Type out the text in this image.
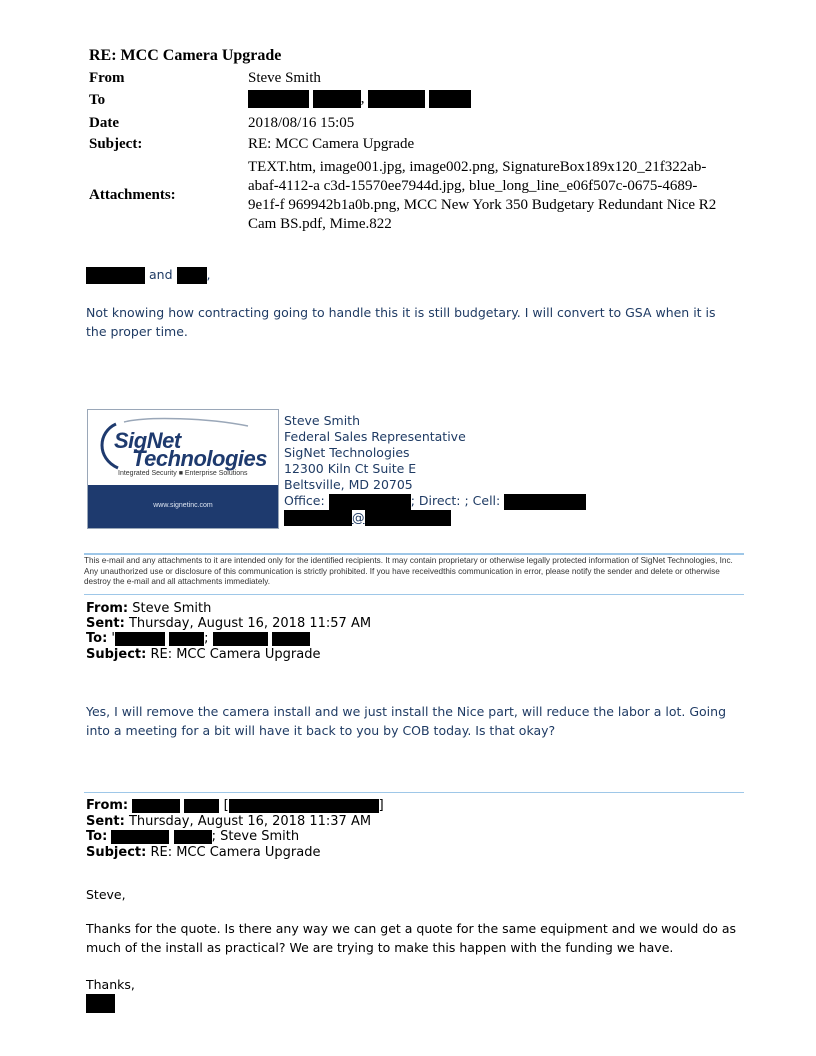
RE: MCC Camera Upgrade
From	Steve Smith
To	,
Date	2018/08/16 15:05
Subject:	RE: MCC Camera Upgrade
Attachments:
TEXT.htm, image001.jpg, image002.png, SignatureBox189x120_21f322ab-abaf-4112-a c3d-15570ee7944d.jpg, blue_long_line_e06f507c-0675-4689-9e1f-f 969942b1a0b.png, MCC New York 350 Budgetary Redundant Nice R2 Cam BS.pdf, Mime.822
and	,
Not knowing how contracting going to handle this it is still budgetary. I will convert to GSA when it is the proper time.
SigNet
Technologies
Integrated Security ■ Enterprise Solutions
www.signetinc.com
Steve Smith
Federal Sales Representative
SigNet Technologies
12300 Kiln Ct Suite E
Beltsville, MD 20705
Office:	; Direct: ; Cell:
@
This e-mail and any attachments to it are intended only for the identified recipients. It may contain proprietary or otherwise legally protected information of SigNet Technologies, Inc. Any unauthorized use or disclosure of this communication is strictly prohibited. If you have receivedthis communication in error, please notify the sender and delete or otherwise destroy the e-mail and all attachments immediately.
From: Steve Smith
Sent: Thursday, August 16, 2018 11:57 AM
To: '	;
Subject: RE: MCC Camera Upgrade
Yes, I will remove the camera install and we just install the Nice part, will reduce the labor a lot. Going into a meeting for a bit will have it back to you by COB today. Is that okay?
From:	[	]
Sent: Thursday, August 16, 2018 11:37 AM
To:	; Steve Smith
Subject: RE: MCC Camera Upgrade
Steve,
Thanks for the quote. Is there any way we can get a quote for the same equipment and we would do as much of the install as practical? We are trying to make this happen with the funding we have.
Thanks,
